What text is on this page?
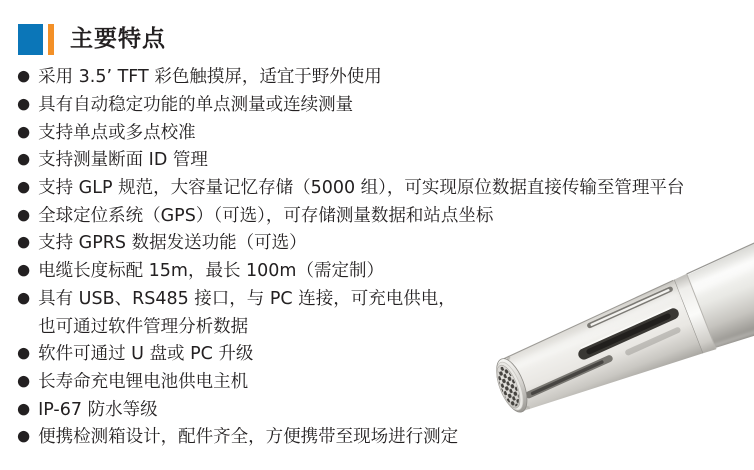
主要特点
● 采用 3.5’ TFT 彩色触摸屏，适宜于野外使用
● 具有自动稳定功能的单点测量或连续测量
● 支持单点或多点校准
● 支持测量断面 ID 管理
● 支持 GLP 规范，大容量记忆存储（5000 组），可实现原位数据直接传输至管理平台
● 全球定位系统（GPS）（可选），可存储测量数据和站点坐标
● 支持 GPRS 数据发送功能（可选）
● 电缆长度标配 15m，最长 100m（需定制）
● 具有 USB、RS485 接口，与 PC 连接，可充电供电，
也可通过软件管理分析数据
● 软件可通过 U 盘或 PC 升级
● 长寿命充电锂电池供电主机
● IP-67 防水等级
● 便携检测箱设计，配件齐全，方便携带至现场进行测定
